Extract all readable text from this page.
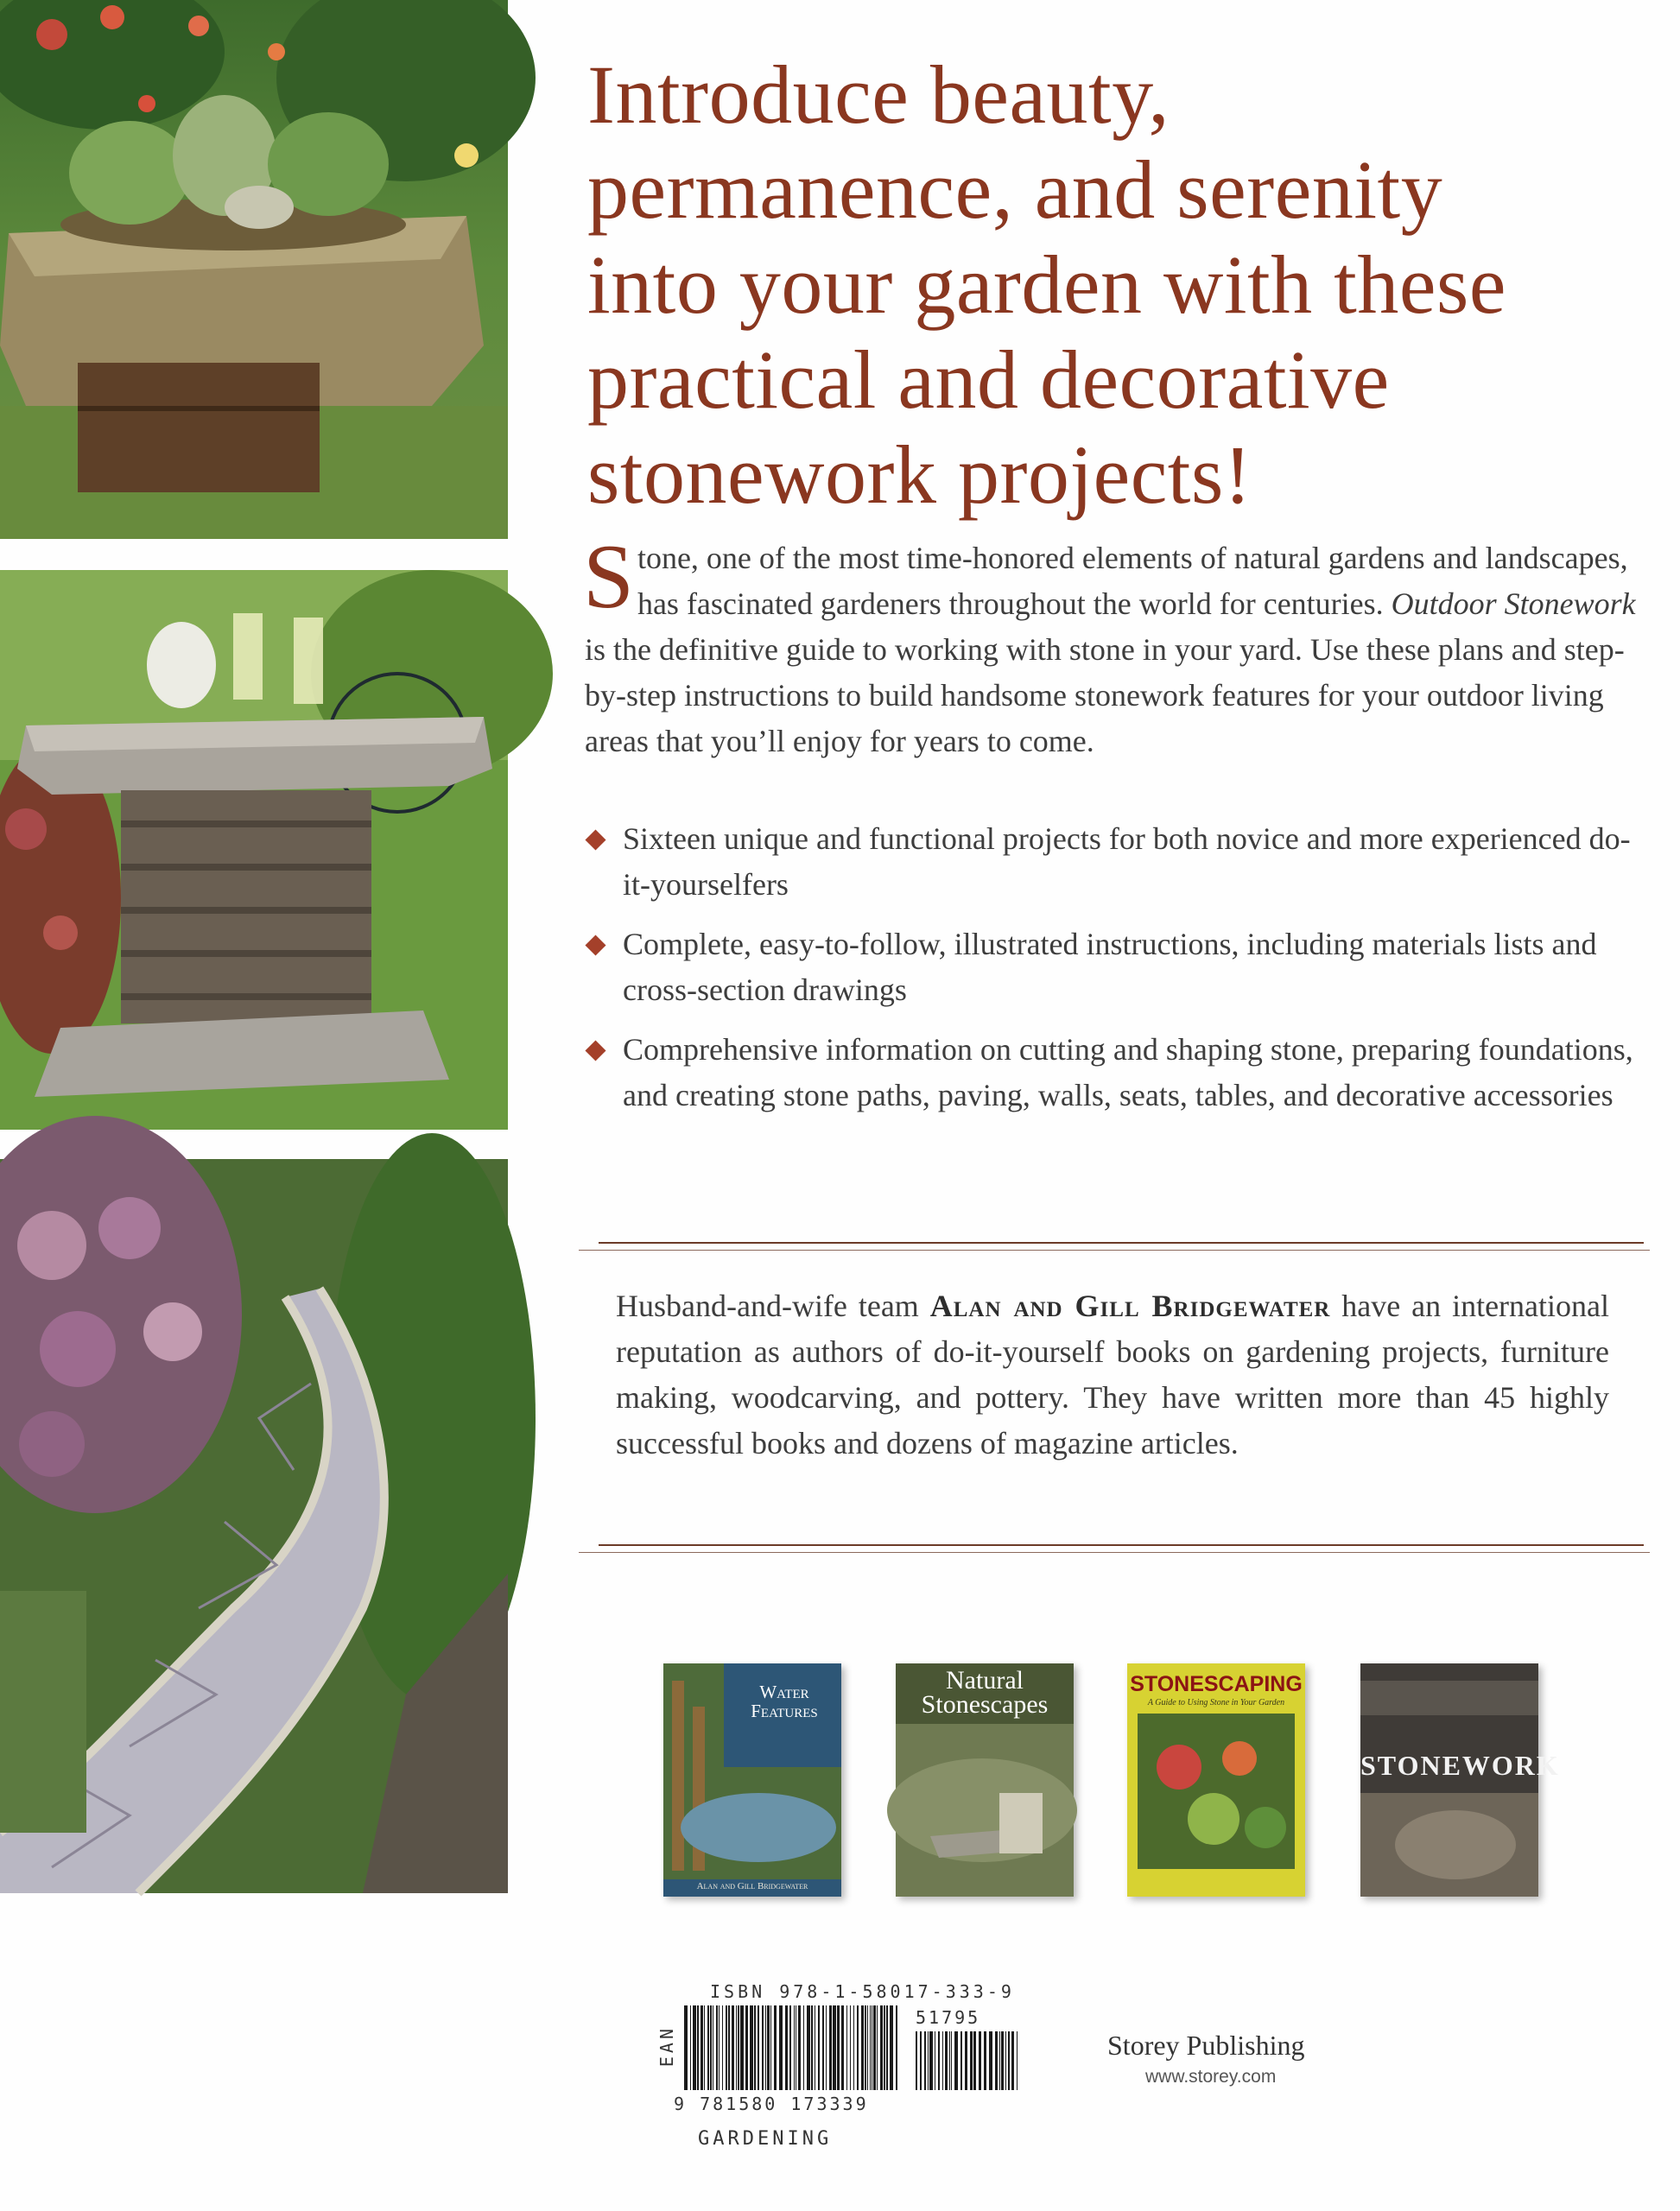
Introduce beauty,
permanence, and serenity
into your garden with these
practical and decorative
stonework projects!

Stone, one of the most time-honored elements of natural gardens and landscapes, has fascinated gardeners throughout the world for centuries. Outdoor Stonework is the definitive guide to working with stone in your yard. Use these plans and step-by-step instructions to build handsome stonework features for your outdoor living areas that you’ll enjoy for years to come.

Sixteen unique and functional projects for both novice and more experienced do-it-yourselfers
Complete, easy-to-follow, illustrated instructions, including materials lists and cross-section drawings
Comprehensive information on cutting and shaping stone, preparing foundations, and creating stone paths, paving, walls, seats, tables, and decorative accessories

Husband-and-wife team Alan and Gill Bridgewater have an international reputation as authors of do-it-yourself books on gardening projects, furniture making, woodcarving, and pottery. They have written more than 45 highly successful books and dozens of magazine articles.

Water Features
Alan and Gill Bridgewater
Natural Stonescapes
STONESCAPING
A Guide to Using Stone in Your Garden
STONEWORK
ISBN 978-1-58017-333-9
EAN
51795
9 781580 173339
GARDENING
Storey Publishing
www.storey.com
